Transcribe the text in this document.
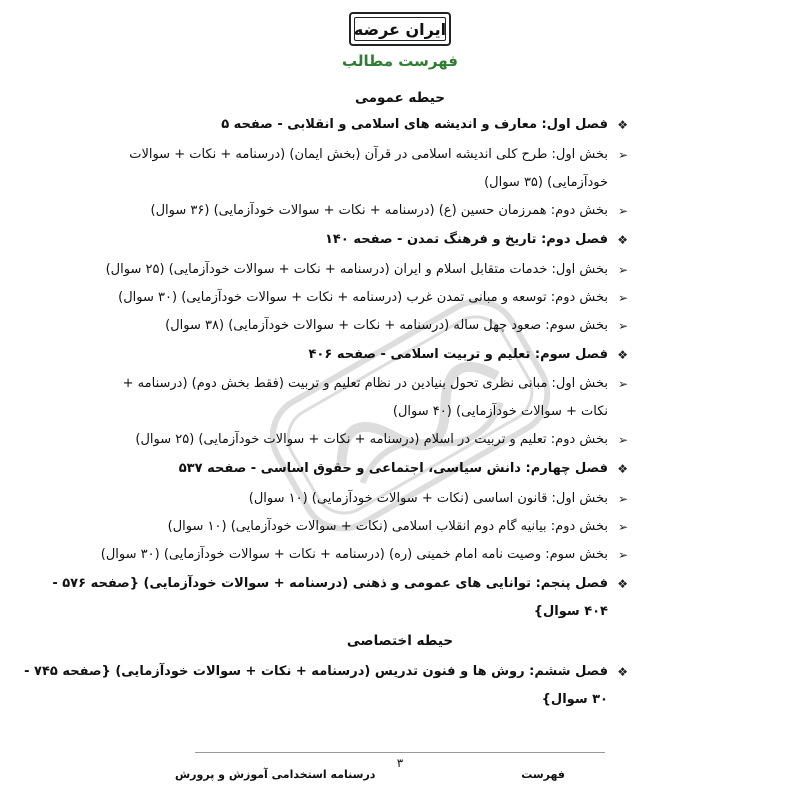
ایران عرضه
فهرست مطالب
حیطه عمومی
❖
فصل اول: معارف و اندیشه های اسلامی و انقلابی - صفحه ۵
➢
بخش اول: طرح کلی اندیشه اسلامی در قرآن (بخش ایمان) (درسنامه + نکات + سوالات
خودآزمایی) (۳۵ سوال)
➢
بخش دوم: همرزمان حسین (ع) (درسنامه + نکات + سوالات خودآزمایی) (۳۶ سوال)
❖
فصل دوم: تاریخ و فرهنگ تمدن - صفحه ۱۴۰
➢
بخش اول: خدمات متقابل اسلام و ایران (درسنامه + نکات + سوالات خودآزمایی) (۲۵ سوال)
➢
بخش دوم: توسعه و مبانی تمدن غرب (درسنامه + نکات + سوالات خودآزمایی) (۳۰ سوال)
➢
بخش سوم: صعود چهل ساله (درسنامه + نکات + سوالات خودآزمایی) (۳۸ سوال)
❖
فصل سوم: تعلیم و تربیت اسلامی - صفحه ۴۰۶
➢
بخش اول: مبانی نظری تحول بنیادین در نظام تعلیم و تربیت (فقط بخش دوم) (درسنامه +
نکات + سوالات خودآزمایی) (۴۰ سوال)
➢
بخش دوم: تعلیم و تربیت در اسلام (درسنامه + نکات + سوالات خودآزمایی) (۲۵ سوال)
❖
فصل چهارم: دانش سیاسی، اجتماعی و حقوق اساسی - صفحه ۵۳۷
➢
بخش اول: قانون اساسی (نکات + سوالات خودآزمایی) (۱۰ سوال)
➢
بخش دوم: بیانیه گام دوم انقلاب اسلامی (نکات + سوالات خودآزمایی) (۱۰ سوال)
➢
بخش سوم: وصیت نامه امام خمینی (ره) (درسنامه + نکات + سوالات خودآزمایی) (۳۰ سوال)
❖
فصل پنجم: توانایی های عمومی و ذهنی (درسنامه + سوالات خودآزمایی) {صفحه ۵۷۶ -
۴۰۴ سوال}
حیطه اختصاصی
❖
فصل ششم: روش ها و فنون تدریس (درسنامه + نکات + سوالات خودآزمایی) {صفحه ۷۴۵ -
۳۰ سوال}
۳
درسنامه استخدامی آموزش و پرورش	فهرست
